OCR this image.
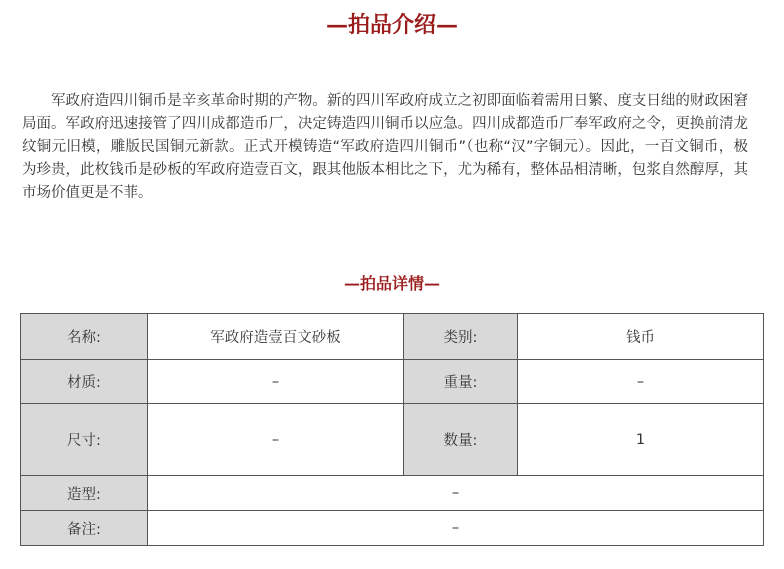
—拍品介绍—

军政府造四川铜币是辛亥革命时期的产物。新的四川军政府成立之初即面临着需用日繁、度支日绌的财政困窘局面。军政府迅速接管了四川成都造币厂，决定铸造四川铜币以应急。四川成都造币厂奉军政府之令，更换前清龙纹铜元旧模，雕版民国铜元新款。正式开模铸造“军政府造四川铜币”（也称“汉”字铜元）。因此，一百文铜币，极为珍贵，此枚钱币是砂板的军政府造壹百文，跟其他版本相比之下，尤为稀有，整体品相清晰，包浆自然醇厚，其市场价值更是不菲。

—拍品详情—
名称:	军政府造壹百文砂板	类别:	钱币
材质:	–	重量:	–
尺寸:	–	数量:	1
造型:	–		
备注:	–		
